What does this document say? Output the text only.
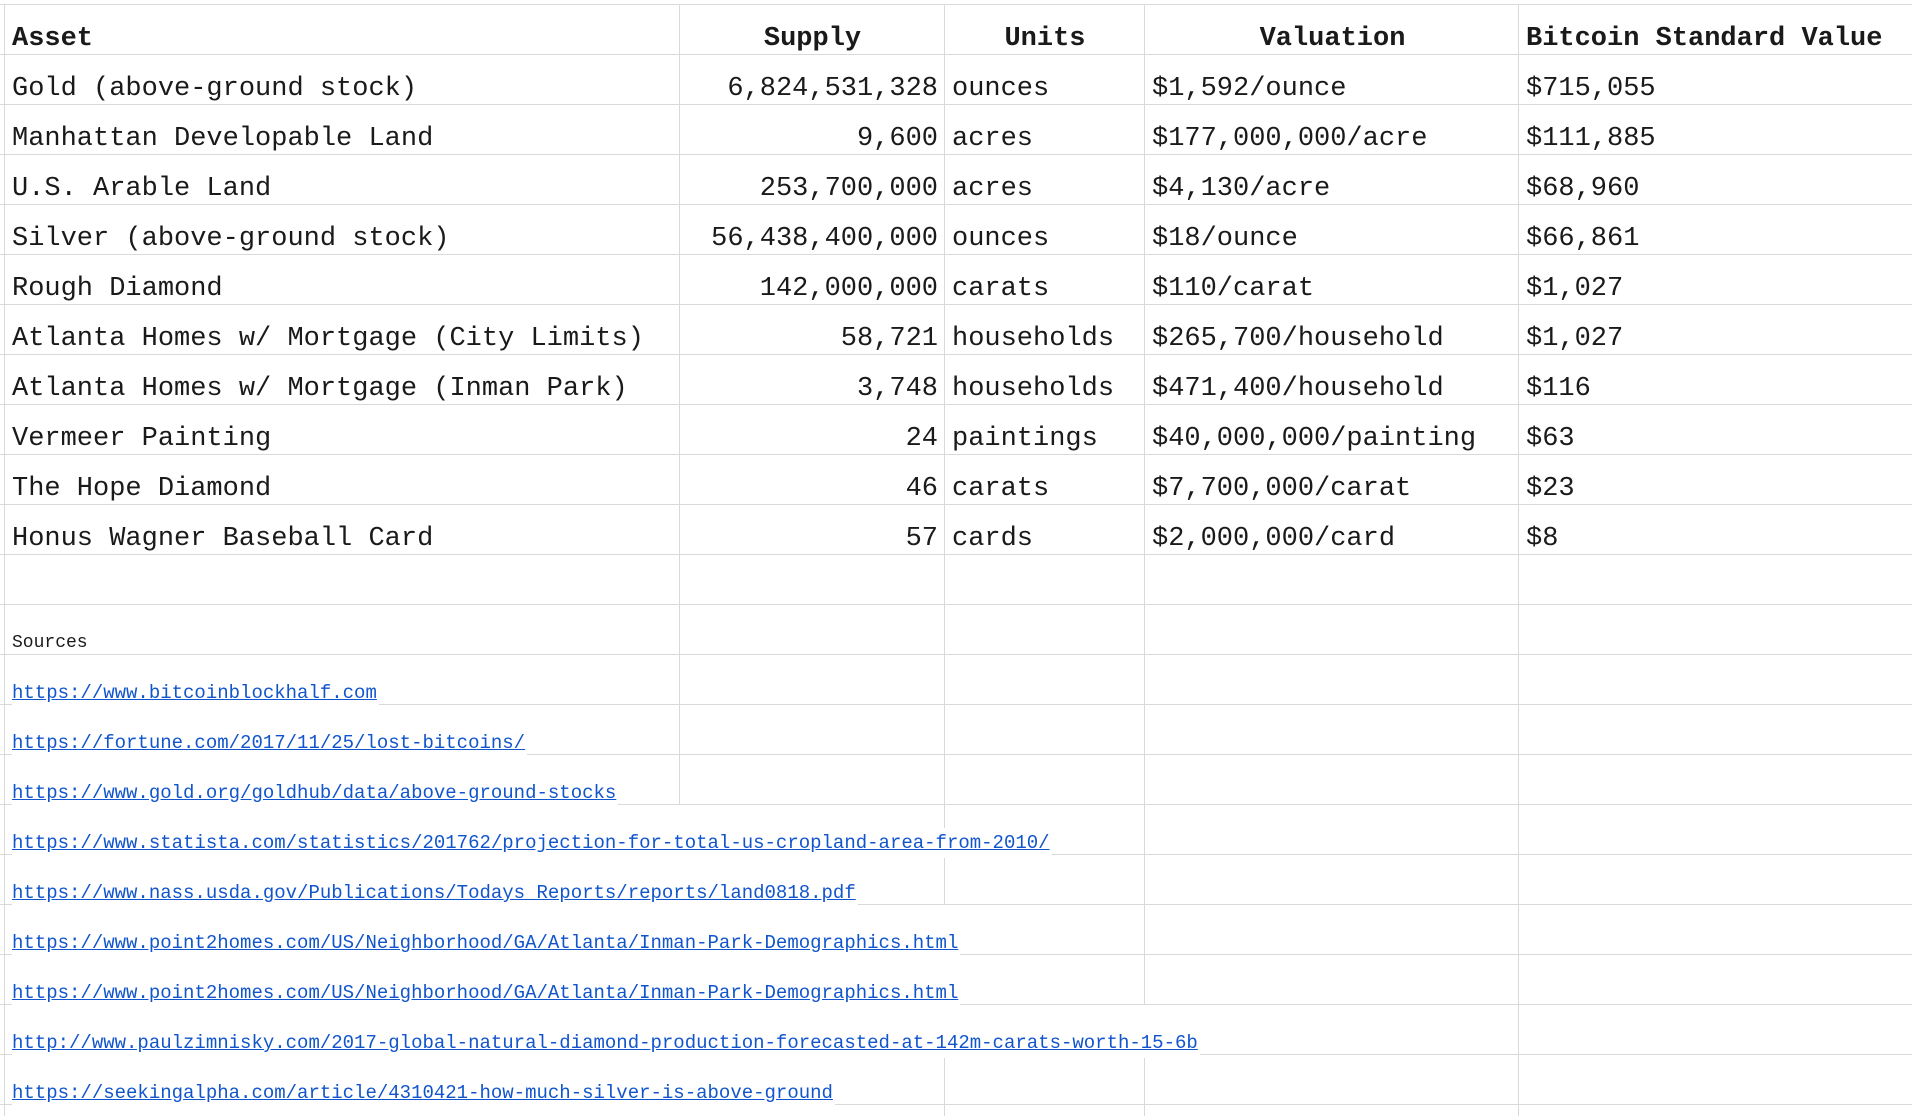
Asset	Supply	Units	Valuation	Bitcoin Standard Value
Gold (above-ground stock)	6,824,531,328 ounces	$1,592/ounce	$715,055
Manhattan Developable Land	9,600 acres	$177,000,000/acre	$111,885
U.S. Arable Land	253,700,000 acres	$4,130/acre	$68,960
Silver (above-ground stock)	56,438,400,000 ounces	$18/ounce	$66,861
Rough Diamond	142,000,000 carats	$110/carat	$1,027
Atlanta Homes w/ Mortgage (City Limits)	58,721 households	$265,700/household	$1,027
Atlanta Homes w/ Mortgage (Inman Park)	3,748 households	$471,400/household	$116
Vermeer Painting	24 paintings	$40,000,000/painting	$63
The Hope Diamond	46 carats	$7,700,000/carat	$23
Honus Wagner Baseball Card	57 cards	$2,000,000/card	$8
Sources
https://www.bitcoinblockhalf.com
https://fortune.com/2017/11/25/lost-bitcoins/
https://www.gold.org/goldhub/data/above-ground-stocks
https://www.statista.com/statistics/201762/projection-for-total-us-cropland-area-from-2010/
https://www.nass.usda.gov/Publications/Todays_Reports/reports/land0818.pdf
https://www.point2homes.com/US/Neighborhood/GA/Atlanta/Inman-Park-Demographics.html
https://www.point2homes.com/US/Neighborhood/GA/Atlanta/Inman-Park-Demographics.html
http://www.paulzimnisky.com/2017-global-natural-diamond-production-forecasted-at-142m-carats-worth-15-6b
https://seekingalpha.com/article/4310421-how-much-silver-is-above-ground
